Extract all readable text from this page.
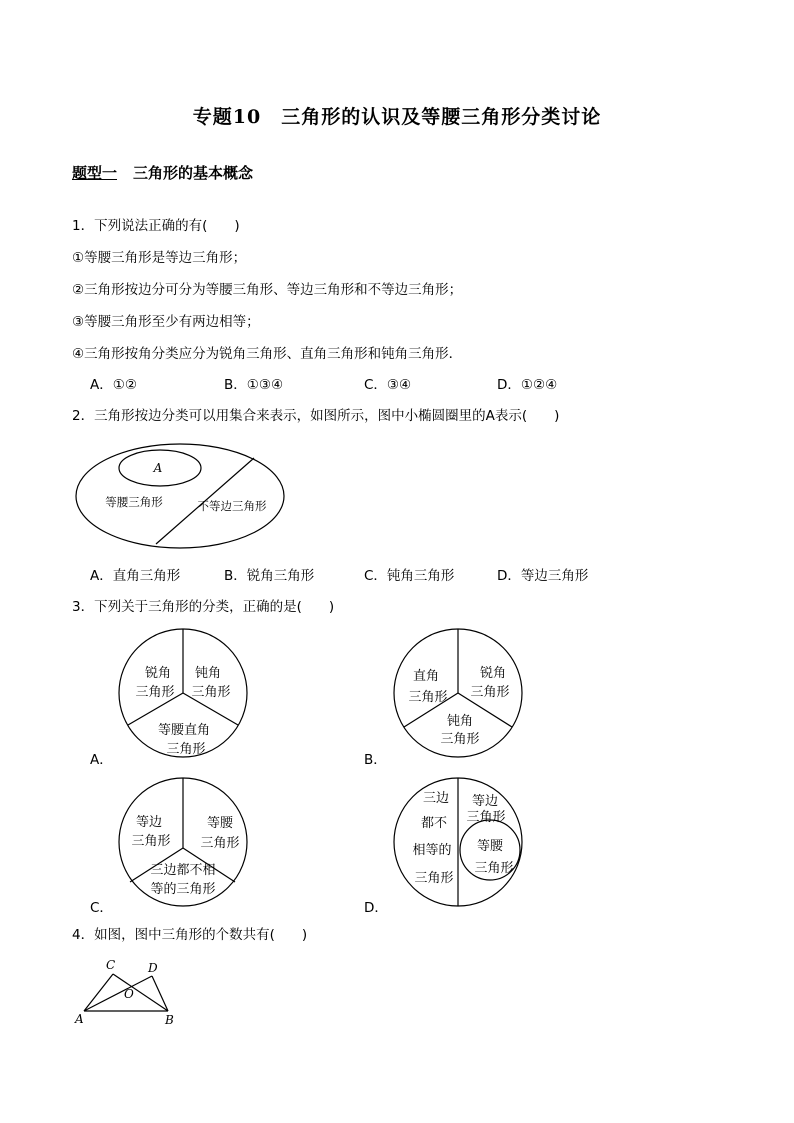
专题10　三角形的认识及等腰三角形分类讨论
题型一 三角形的基本概念
1．下列说法正确的有(　　)
①等腰三角形是等边三角形；
②三角形按边分可分为等腰三角形、等边三角形和不等边三角形；
③等腰三角形至少有两边相等；
④三角形按角分类应分为锐角三角形、直角三角形和钝角三角形．
A．①②	B．①③④	C．③④	D．①②④
2．三角形按边分类可以用集合来表示，如图所示，图中小椭圆圈里的A表示(　　)
A
等腰三角形	不等边三角形
A．直角三角形	B．锐角三角形	C．钝角三角形	D．等边三角形
3．下列关于三角形的分类，正确的是(　　)
锐角
三角形
钝角
三角形
等腰直角
三角形
A．
直角
三角形
锐角
三角形
钝角
三角形
B．
等边
三角形
等腰
三角形
三边都不相
等的三角形
C．
三边
都不
相等的
三角形
等边
三角形
等腰
三角形
D．
4．如图，图中三角形的个数共有(　　)
A	B
C	D
O
